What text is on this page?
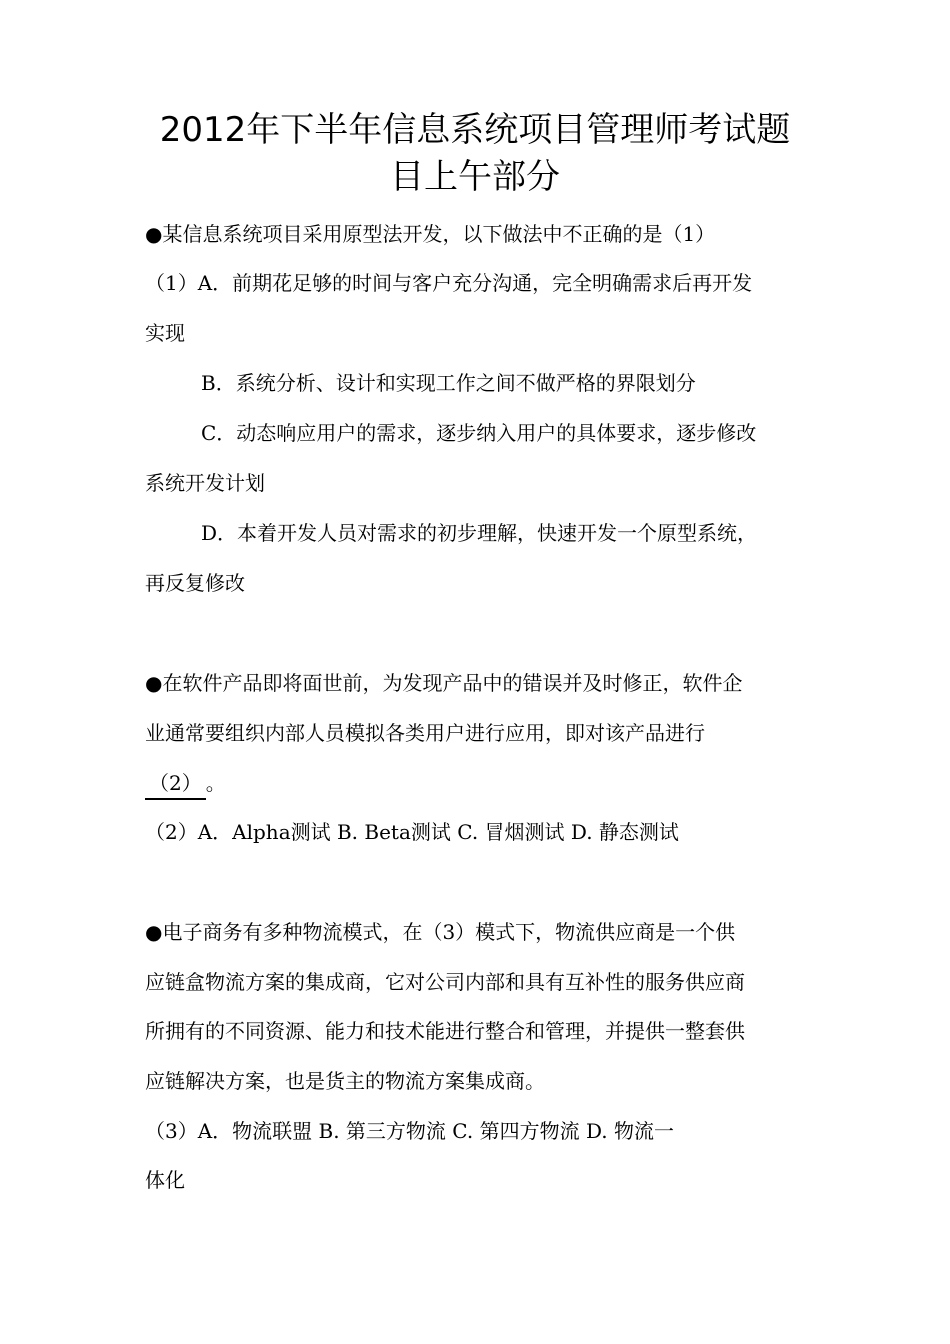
2012年下半年信息系统项目管理师考试题
目上午部分
●某信息系统项目采用原型法开发，以下做法中不正确的是（1）
（1）A．前期花足够的时间与客户充分沟通，完全明确需求后再开发
实现
B．系统分析、设计和实现工作之间不做严格的界限划分
C．动态响应用户的需求，逐步纳入用户的具体要求，逐步修改
系统开发计划
D．本着开发人员对需求的初步理解，快速开发一个原型系统，
再反复修改
●在软件产品即将面世前，为发现产品中的错误并及时修正，软件企
业通常要组织内部人员模拟各类用户进行应用，即对该产品进行
（2） 。
（2）A．Alpha测试 B. Beta测试 C. 冒烟测试 D. 静态测试
●电子商务有多种物流模式，在（3）模式下，物流供应商是一个供
应链盒物流方案的集成商，它对公司内部和具有互补性的服务供应商
所拥有的不同资源、能力和技术能进行整合和管理，并提供一整套供
应链解决方案，也是货主的物流方案集成商。
（3）A．物流联盟 B. 第三方物流 C. 第四方物流 D. 物流一
体化
